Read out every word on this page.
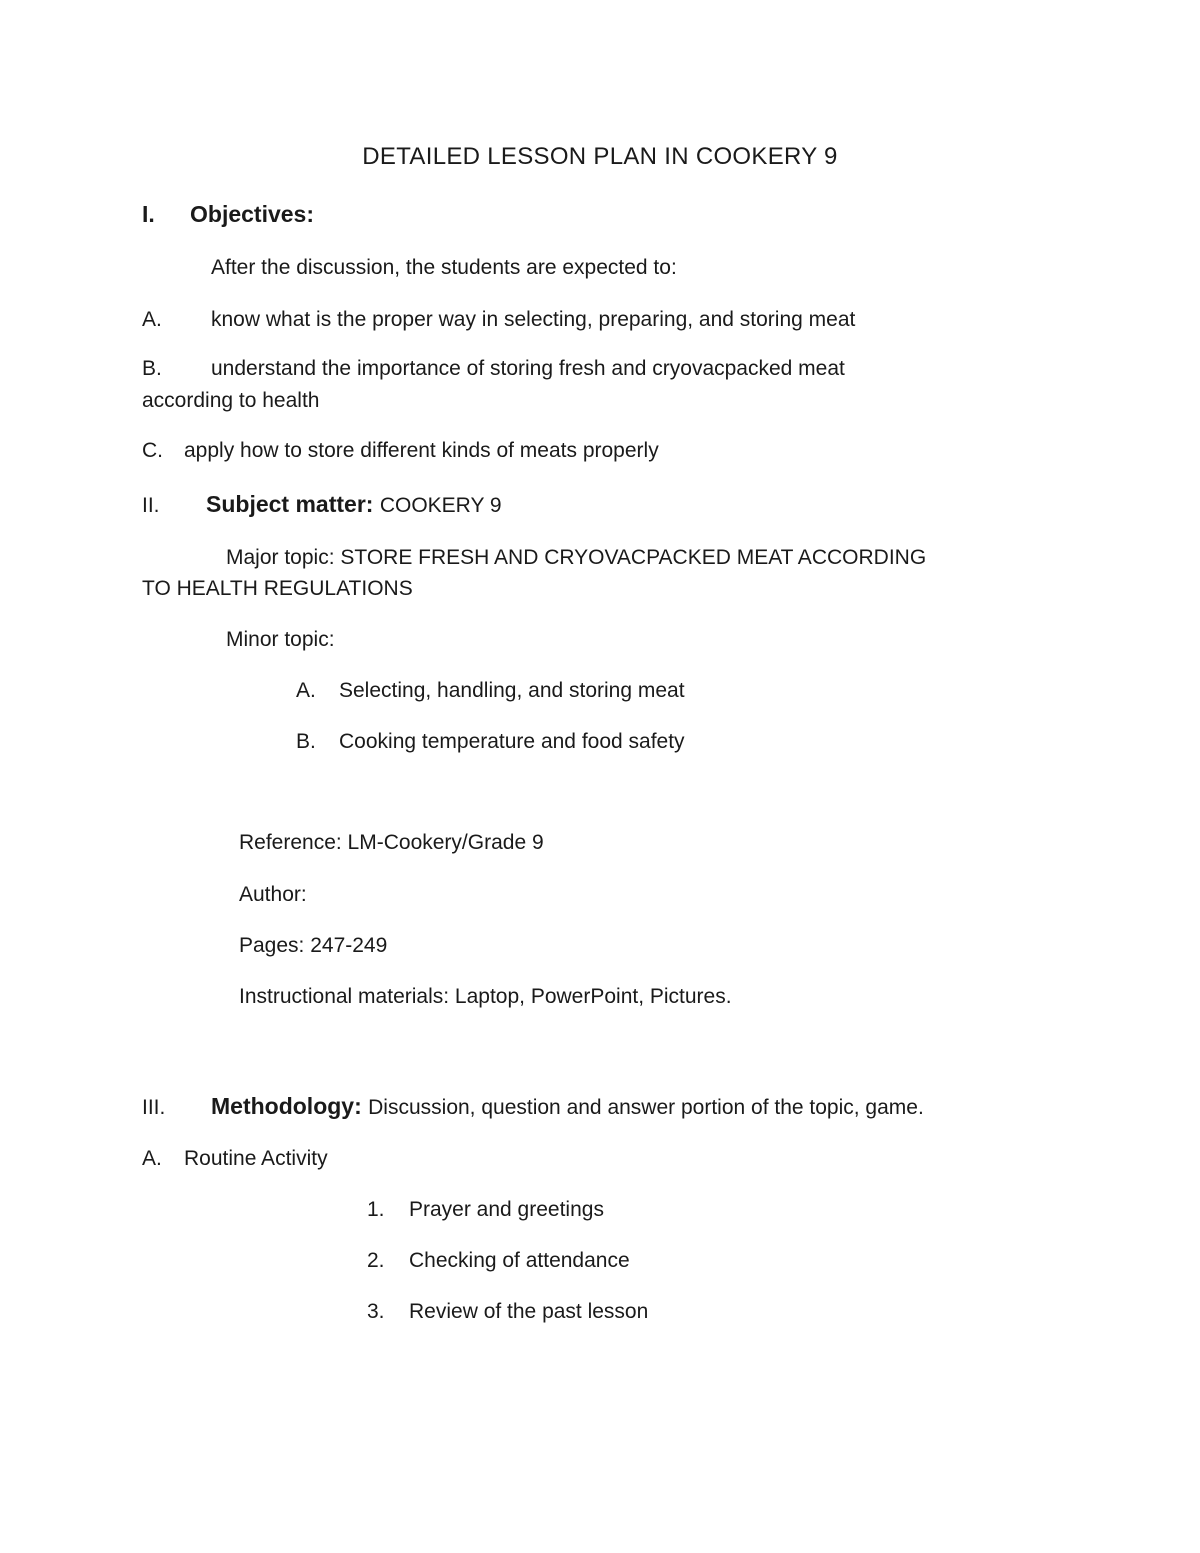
DETAILED LESSON PLAN IN COOKERY 9
I. Objectives:
After the discussion, the students are expected to:
A. know what is the proper way in selecting, preparing, and storing meat
B. understand the importance of storing fresh and cryovacpacked meat
according to health
C. apply how to store different kinds of meats properly
II. Subject matter: COOKERY 9
Major topic: STORE FRESH AND CRYOVACPACKED MEAT ACCORDING
TO HEALTH REGULATIONS
Minor topic:
A. Selecting, handling, and storing meat
B. Cooking temperature and food safety
Reference: LM-Cookery/Grade 9
Author:
Pages: 247-249
Instructional materials: Laptop, PowerPoint, Pictures.
III. Methodology: Discussion, question and answer portion of the topic, game.
A. Routine Activity
1. Prayer and greetings
2. Checking of attendance
3. Review of the past lesson
